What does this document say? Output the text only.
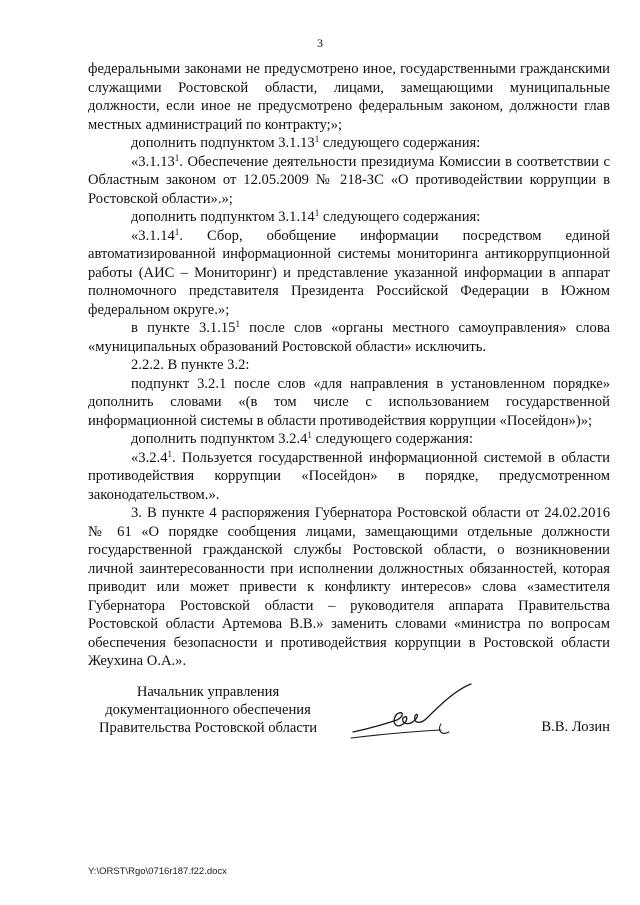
3

федеральными законами не предусмотрено иное, государственными гражданскими служащими Ростовской области, лицами, замещающими муниципальные должности, если иное не предусмотрено федеральным законом, должности глав местных администраций по контракту;»;

дополнить подпунктом 3.1.13$^1$ следующего содержания:

«3.1.13$^1$. Обеспечение деятельности президиума Комиссии в соответствии с Областным законом от 12.05.2009 № 218-ЗС «О противодействии коррупции в Ростовской области».»;

дополнить подпунктом 3.1.14$^1$ следующего содержания:

«3.1.14$^1$. Сбор, обобщение информации посредством единой автоматизированной информационной системы мониторинга антикоррупционной работы (АИС – Мониторинг) и представление указанной информации в аппарат полномочного представителя Президента Российской Федерации в Южном федеральном округе.»;

в пункте 3.1.15$^1$ после слов «органы местного самоуправления» слова «муниципальных образований Ростовской области» исключить.

2.2.2. В пункте 3.2:

подпункт 3.2.1 после слов «для направления в установленном порядке» дополнить словами «(в том числе с использованием государственной информационной системы в области противодействия коррупции «Посейдон»)»;

дополнить подпунктом 3.2.4$^1$ следующего содержания:

«3.2.4$^1$. Пользуется государственной информационной системой в области противодействия коррупции «Посейдон» в порядке, предусмотренном законодательством.».

3. В пункте 4 распоряжения Губернатора Ростовской области от 24.02.2016 № 61 «О порядке сообщения лицами, замещающими отдельные должности государственной гражданской службы Ростовской области, о возникновении личной заинтересованности при исполнении должностных обязанностей, которая приводит или может привести к конфликту интересов» слова «заместителя Губернатора Ростовской области – руководителя аппарата Правительства Ростовской области Артемова В.В.» заменить словами «министра по вопросам обеспечения безопасности и противодействия коррупции в Ростовской области Жеухина О.А.».

Начальник управления
документационного обеспечения
Правительства Ростовской области	В.В. Лозин
Y:\ORST\Rgo\0716r187.f22.docx
